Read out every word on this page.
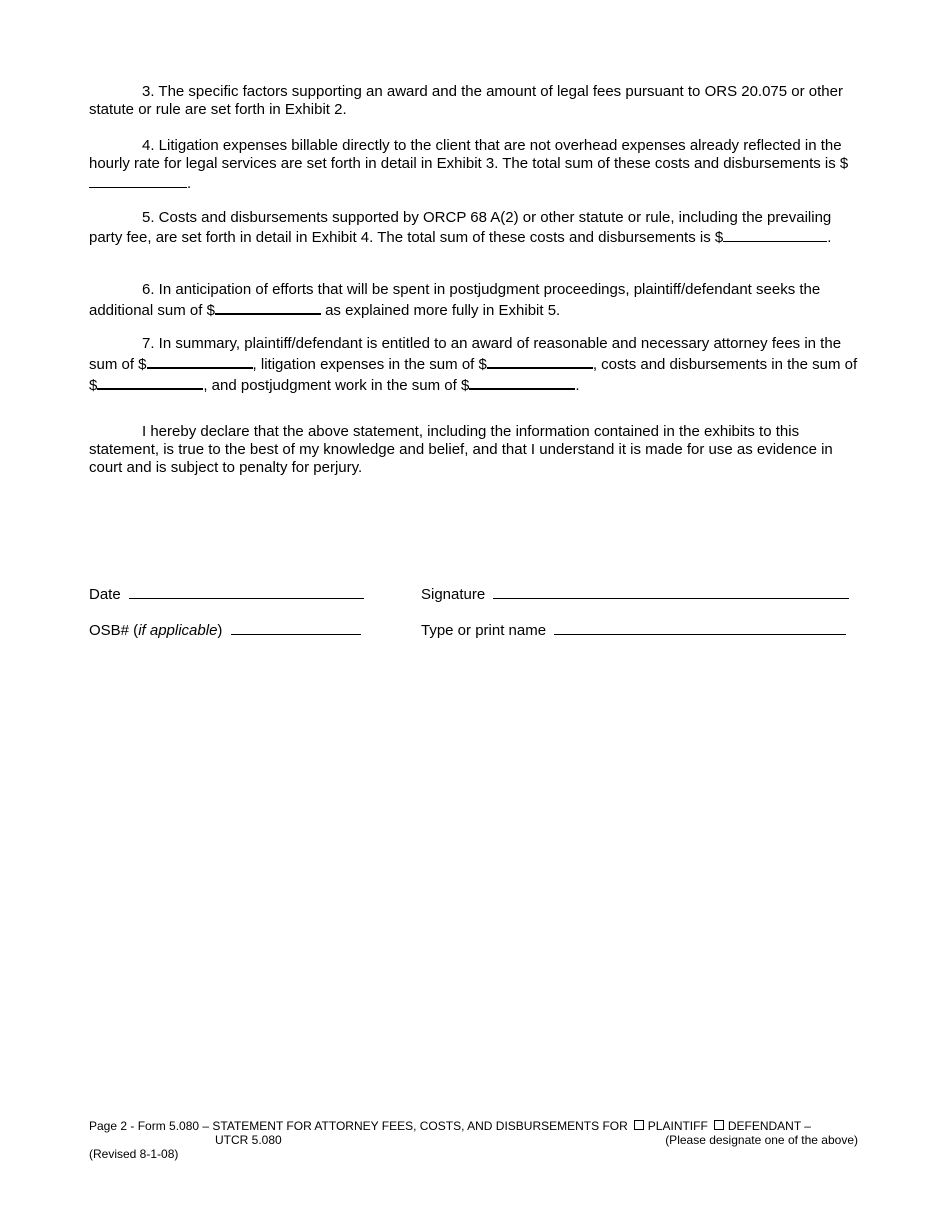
3. The specific factors supporting an award and the amount of legal fees pursuant to ORS 20.075 or other statute or rule are set forth in Exhibit 2.

4. Litigation expenses billable directly to the client that are not overhead expenses already reflected in the hourly rate for legal services are set forth in detail in Exhibit 3. The total sum of these costs and disbursements is $.

5. Costs and disbursements supported by ORCP 68 A(2) or other statute or rule, including the prevailing party fee, are set forth in detail in Exhibit 4. The total sum of these costs and disbursements is $	.

6. In anticipation of efforts that will be spent in postjudgment proceedings, plaintiff/defendant seeks the additional sum of $	as explained more fully in Exhibit 5.

7. In summary, plaintiff/defendant is entitled to an award of reasonable and necessary attorney fees in the sum of $	, litigation expenses in the sum of $	, costs and disbursements in the sum of $	, and postjudgment work in the sum of $	.

I hereby declare that the above statement, including the information contained in the exhibits to this statement, is true to the best of my knowledge and belief, and that I understand it is made for use as evidence in court and is subject to penalty for perjury.

Date	Signature
OSB# (if applicable)	Type or print name
Page 2 - Form 5.080 – STATEMENT FOR ATTORNEY FEES, COSTS, AND DISBURSEMENTS FOR PLAINTIFF DEFENDANT –
UTCR 5.080	(Please designate one of the above)
(Revised 8-1-08)
